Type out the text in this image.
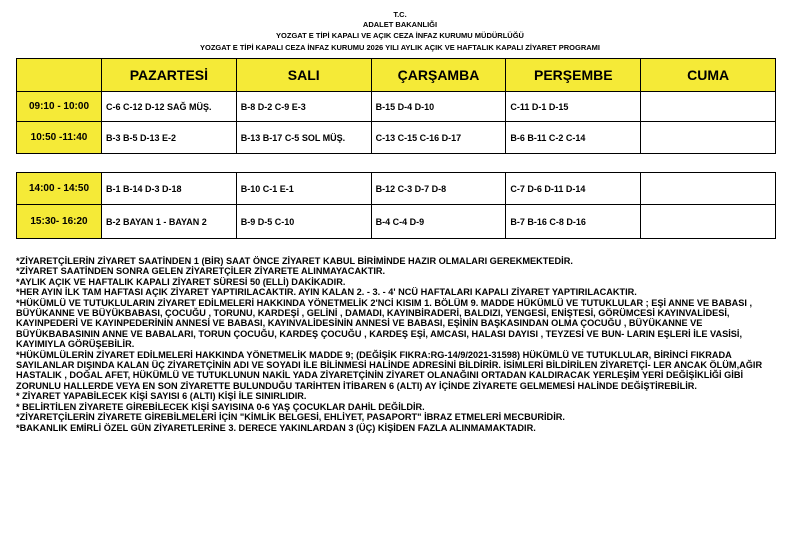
T.C.
ADALET BAKANLIĞI
YOZGAT E TİPİ KAPALI VE AÇIK CEZA İNFAZ KURUMU MÜDÜRLÜĞÜ
YOZGAT E TİPİ KAPALI CEZA İNFAZ KURUMU 2026 YILI AYLIK AÇIK VE HAFTALIK KAPALI ZİYARET PROGRAMI
	PAZARTESİ	SALI	ÇARŞAMBA	PERŞEMBE	CUMA
09:10 - 10:00	C-6 C-12 D-12 SAĞ MÜŞ.	B-8 D-2 C-9 E-3	B-15 D-4 D-10	C-11 D-1 D-15	
10:50 -11:40	B-3 B-5 D-13 E-2	B-13 B-17 C-5 SOL MÜŞ.	C-13 C-15 C-16 D-17	B-6 B-11 C-2 C-14	
14:00 - 14:50	B-1 B-14 D-3 D-18	B-10 C-1 E-1	B-12 C-3 D-7 D-8	C-7 D-6 D-11 D-14	
15:30- 16:20	B-2 BAYAN 1 - BAYAN 2	B-9 D-5 C-10	B-4 C-4 D-9	B-7 B-16 C-8 D-16	
*ZİYARETÇİLERİN ZİYARET SAATİNDEN 1 (BİR) SAAT ÖNCE ZİYARET KABUL BİRİMİNDE HAZIR OLMALARI GEREKMEKTEDİR.
*ZİYARET SAATİNDEN SONRA GELEN ZİYARETÇİLER ZİYARETE ALINMAYACAKTIR.
*AYLIK AÇIK VE HAFTALIK KAPALI ZİYARET SÜRESİ 50 (ELLİ) DAKİKADIR.
*HER AYIN İLK TAM HAFTASI AÇIK ZİYARET YAPTIRILACAKTIR. AYIN KALAN 2. - 3. - 4' NCÜ HAFTALARI KAPALI ZİYARET YAPTIRILACAKTIR.
*HÜKÜMLÜ VE TUTUKLULARIN ZİYARET EDİLMELERİ HAKKINDA YÖNETMELİK 2'NCİ KISIM 1. BÖLÜM 9. MADDE HÜKÜMLÜ VE TUTUKLULAR ; EŞİ ANNE VE BABASI , BÜYÜKANNE VE BÜYÜKBABASI, ÇOCUĞU , TORUNU, KARDEŞİ , GELİNİ , DAMADI, KAYINBİRADERİ, BALDIZI, YENGESİ, ENİŞTESİ, GÖRÜMCESİ KAYINVALİDESİ, KAYINPEDERİ VE KAYINPEDERİNİN ANNESİ VE BABASI, KAYINVALİDESİNİN ANNESİ VE BABASI, EŞİNİN BAŞKASINDAN OLMA ÇOCUĞU , BÜYÜKANNE VE BÜYÜKBABASININ ANNE VE BABALARI, TORUN ÇOCUĞU, KARDEŞ ÇOCUĞU , KARDEŞ EŞİ, AMCASI, HALASI DAYISI , TEYZESİ VE BUN- LARIN EŞLERİ İLE VASİSİ, KAYIMIYLA GÖRÜŞEBİLİR.
*HÜKÜMLÜLERİN ZİYARET EDİLMELERİ HAKKINDA YÖNETMELİK MADDE 9; (DEĞİŞİK FIKRA:RG-14/9/2021-31598) HÜKÜMLÜ VE TUTUKLULAR, BİRİNCİ FIKRADA SAYILANLAR DIŞINDA KALAN ÜÇ ZİYARETÇİNİN ADI VE SOYADI İLE BİLİNMESİ HALİNDE ADRESİNİ BİLDİRİR. İSİMLERİ BİLDİRİLEN ZİYARETÇİ- LER ANCAK ÖLÜM,AĞIR HASTALIK , DOĞAL AFET, HÜKÜMLÜ VE TUTUKLUNUN NAKİL YADA ZİYARETÇİNİN ZİYARET OLANAĞINI ORTADAN KALDIRACAK YERLEŞİM YERİ DEĞİŞİKLİĞİ GİBİ ZORUNLU HALLERDE VEYA EN SON ZİYARETTE BULUNDUĞU TARİHTEN İTİBAREN 6 (ALTI) AY İÇİNDE ZİYARETE GELMEMESİ HALİNDE DEĞİŞTİREBİLİR.
* ZİYARET YAPABİLECEK KİŞİ SAYISI 6 (ALTI) KİŞİ İLE SINIRLIDIR.
* BELİRTİLEN ZİYARETE GİREBİLECEK KİŞİ SAYISINA 0-6 YAŞ ÇOCUKLAR DAHİL DEĞİLDİR.
*ZİYARETÇİLERİN ZİYARETE GİREBİLMELERİ İÇİN "KİMLİK BELGESİ, EHLİYET, PASAPORT" İBRAZ ETMELERİ MECBURİDİR.
*BAKANLIK EMİRLİ ÖZEL GÜN ZİYARETLERİNE 3. DERECE YAKINLARDAN 3 (ÜÇ) KİŞİDEN FAZLA ALINMAMAKTADIR.
